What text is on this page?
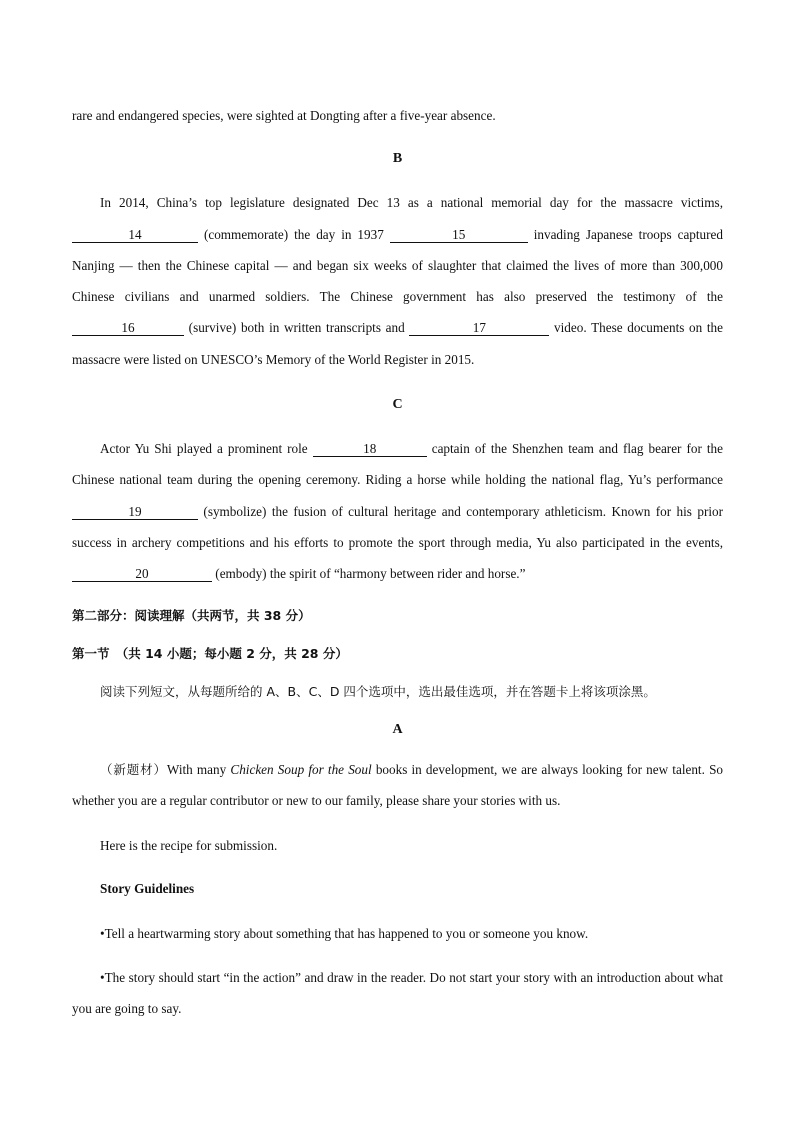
rare and endangered species, were sighted at Dongting after a five-year absence.

B

In 2014, China’s top legislature designated Dec 13 as a national memorial day for the massacre victims, 14	(commemorate) the day in 1937	15	invading Japanese troops captured Nanjing — then the Chinese capital — and began six weeks of slaughter that claimed the lives of more than 300,000 Chinese civilians and unarmed soldiers. The Chinese government has also preserved the testimony of the 16	(survive) both in written transcripts and	17	video. These documents on the massacre were listed on UNESCO’s Memory of the World Register in 2015.

C

Actor Yu Shi played a prominent role	18	captain of the Shenzhen team and flag bearer for the Chinese national team during the opening ceremony. Riding a horse while holding the national flag, Yu’s performance 19	(symbolize) the fusion of cultural heritage and contemporary athleticism. Known for his prior success in archery competitions and his efforts to promote the sport through media, Yu also participated in the events, 20	(embody) the spirit of “harmony between rider and horse.”

第二部分：阅读理解（共两节，共 38 分）

第一节　（共 14 小题；每小题 2 分，共 28 分）

阅读下列短文，从每题所给的 A、B、C、D 四个选项中，选出最佳选项，并在答题卡上将该项涂黑。

A

（新题材）With many Chicken Soup for the Soul books in development, we are always looking for new talent. So whether you are a regular contributor or new to our family, please share your stories with us.

Here is the recipe for submission.

Story Guidelines

•Tell a heartwarming story about something that has happened to you or someone you know.

•The story should start “in the action” and draw in the reader. Do not start your story with an introduction about what you are going to say.
